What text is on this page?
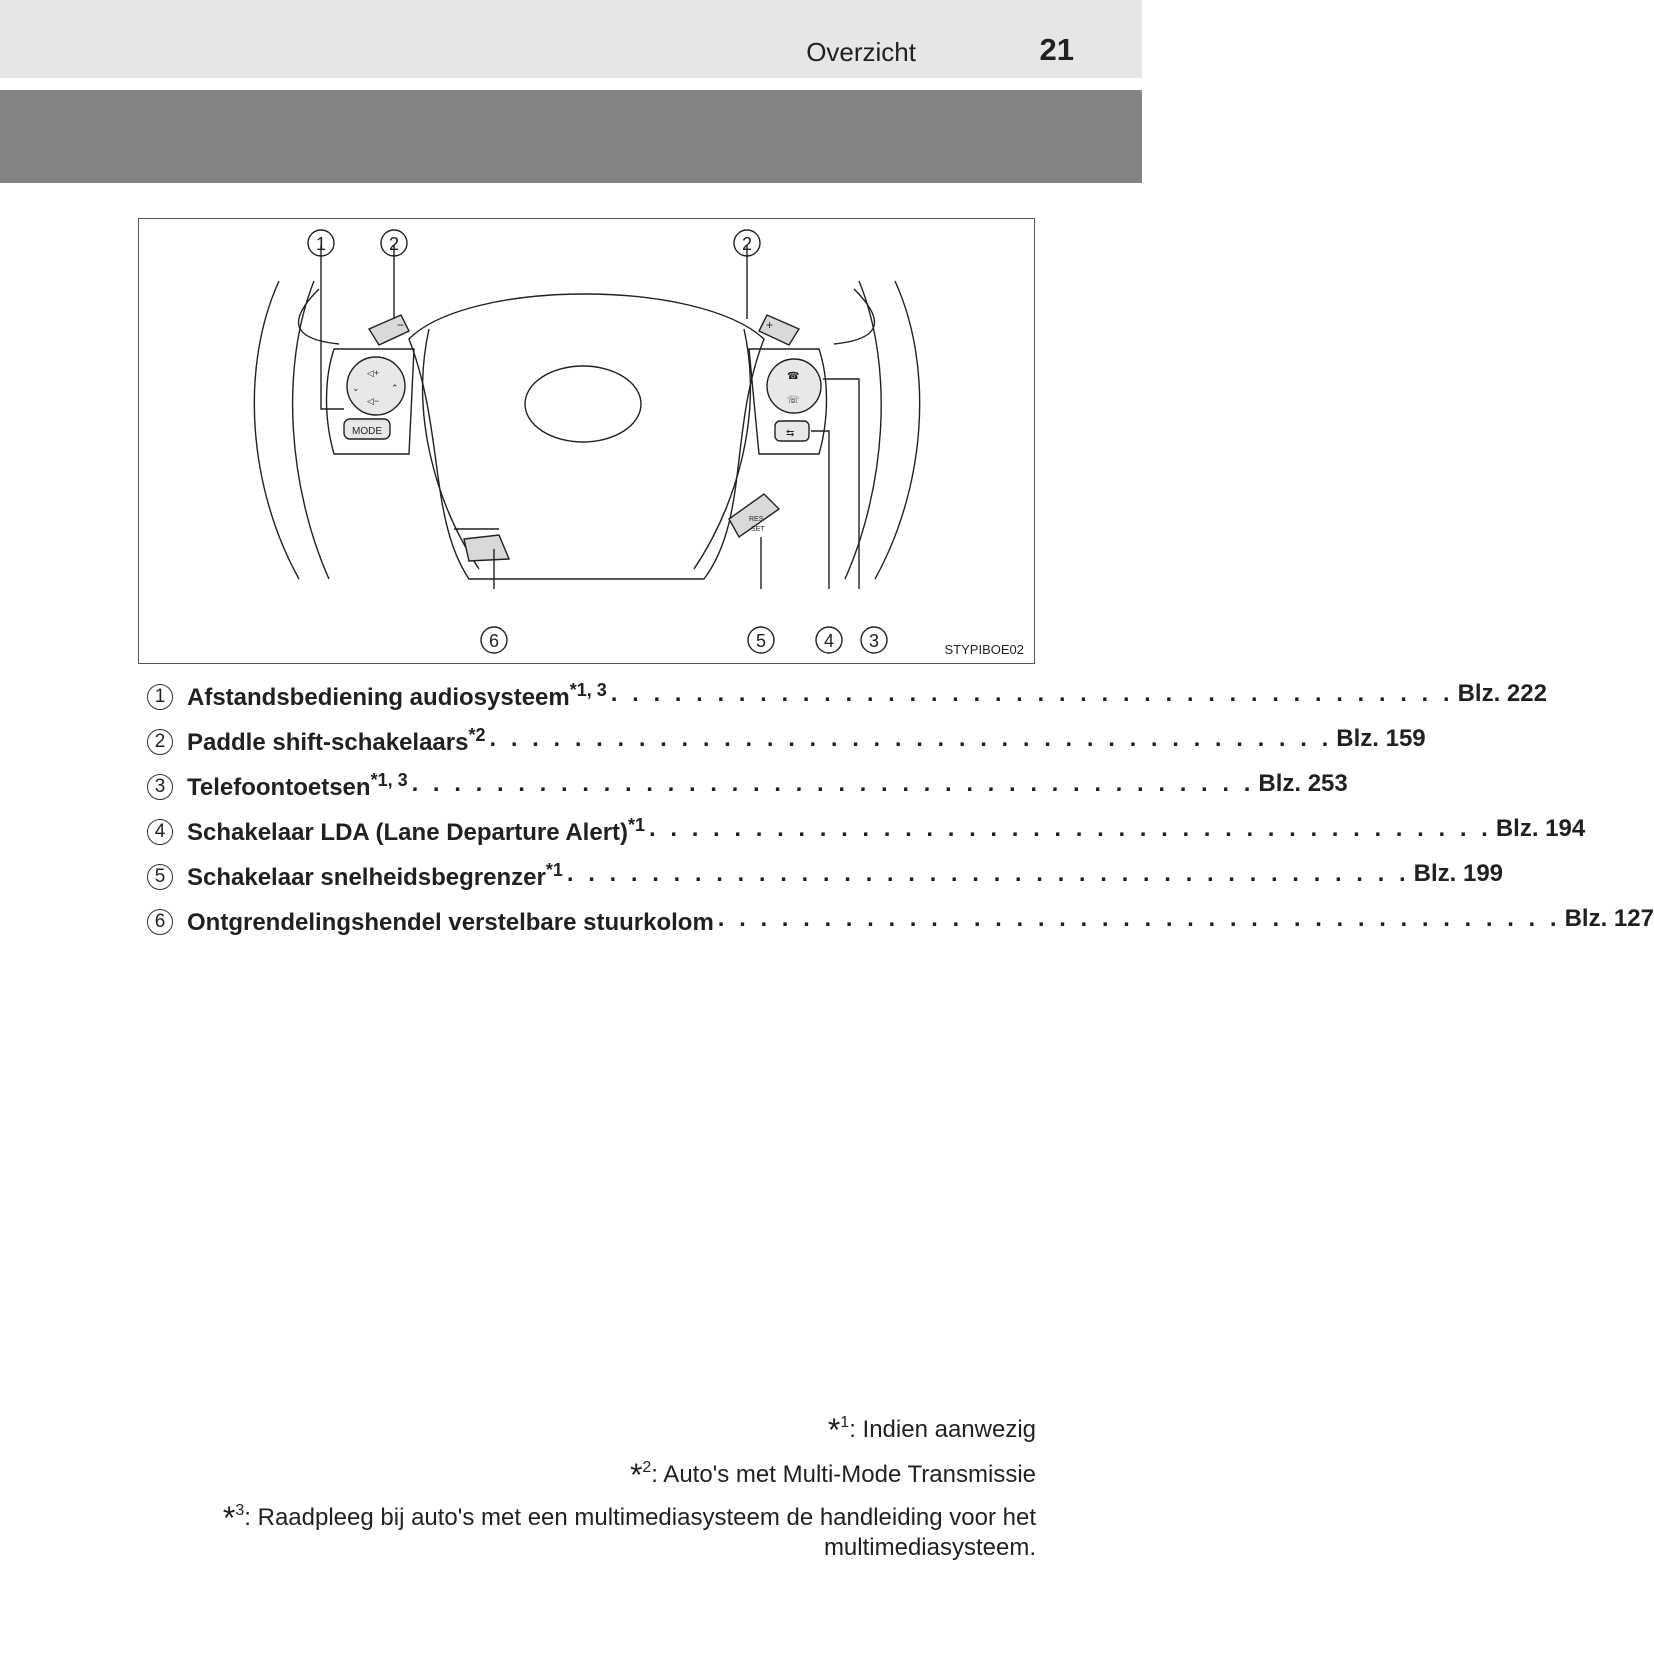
Overzicht	21
◁+
◁−
⌄	⌃
MODE
−	+
☎
☏
⇆
RES
SET
1	2	2
6	5	4 3	STYPIBOE02
1 Afstandsbediening audiosysteem$^{*1, 3}$ . . . . . . . . . . . . . . . . . . . . . . . . . . . . . . . . . . . . . . . . Blz. 222
2 Paddle shift-schakelaars$^{*2}$ . . . . . . . . . . . . . . . . . . . . . . . . . . . . . . . . . . . . . . . . Blz. 159
3 Telefoontoetsen$^{*1, 3}$ . . . . . . . . . . . . . . . . . . . . . . . . . . . . . . . . . . . . . . . . Blz. 253
4 Schakelaar LDA (Lane Departure Alert)$^{*1}$ . . . . . . . . . . . . . . . . . . . . . . . . . . . . . . . . . . . . . . . . Blz. 194
5 Schakelaar snelheidsbegrenzer$^{*1}$ . . . . . . . . . . . . . . . . . . . . . . . . . . . . . . . . . . . . . . . . Blz. 199
6 Ontgrendelingshendel verstelbare stuurkolom . . . . . . . . . . . . . . . . . . . . . . . . . . . . . . . . . . . . . . . . Blz. 127
*$^1$: Indien aanwezig
*$^2$: Auto's met Multi-Mode Transmissie
*$^3$: Raadpleeg bij auto's met een multimediasysteem de handleiding voor het
multimediasysteem.
